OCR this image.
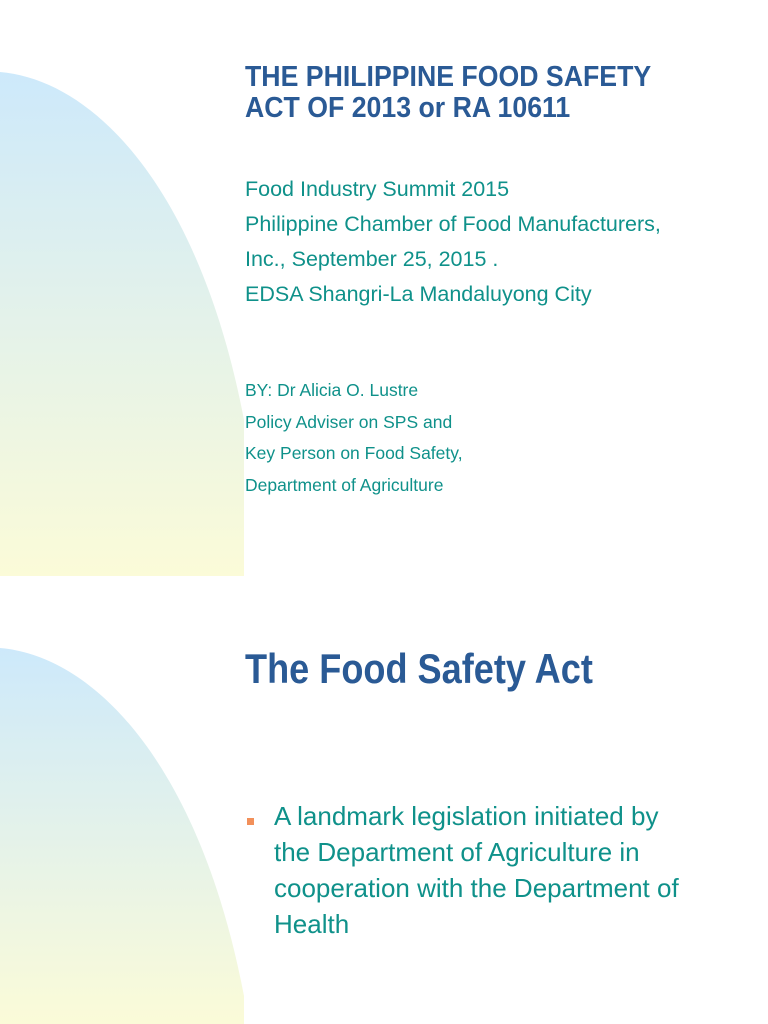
THE PHILIPPINE FOOD SAFETY
ACT OF 2013 or RA 10611
Food Industry Summit 2015
Philippine Chamber of Food Manufacturers,
Inc., September 25, 2015 .
EDSA Shangri-La Mandaluyong City
BY: Dr Alicia O. Lustre
Policy Adviser on SPS and
Key Person on Food Safety,
Department of Agriculture
The Food Safety Act
A landmark legislation initiated by
the Department of Agriculture in
cooperation with the Department of
Health
